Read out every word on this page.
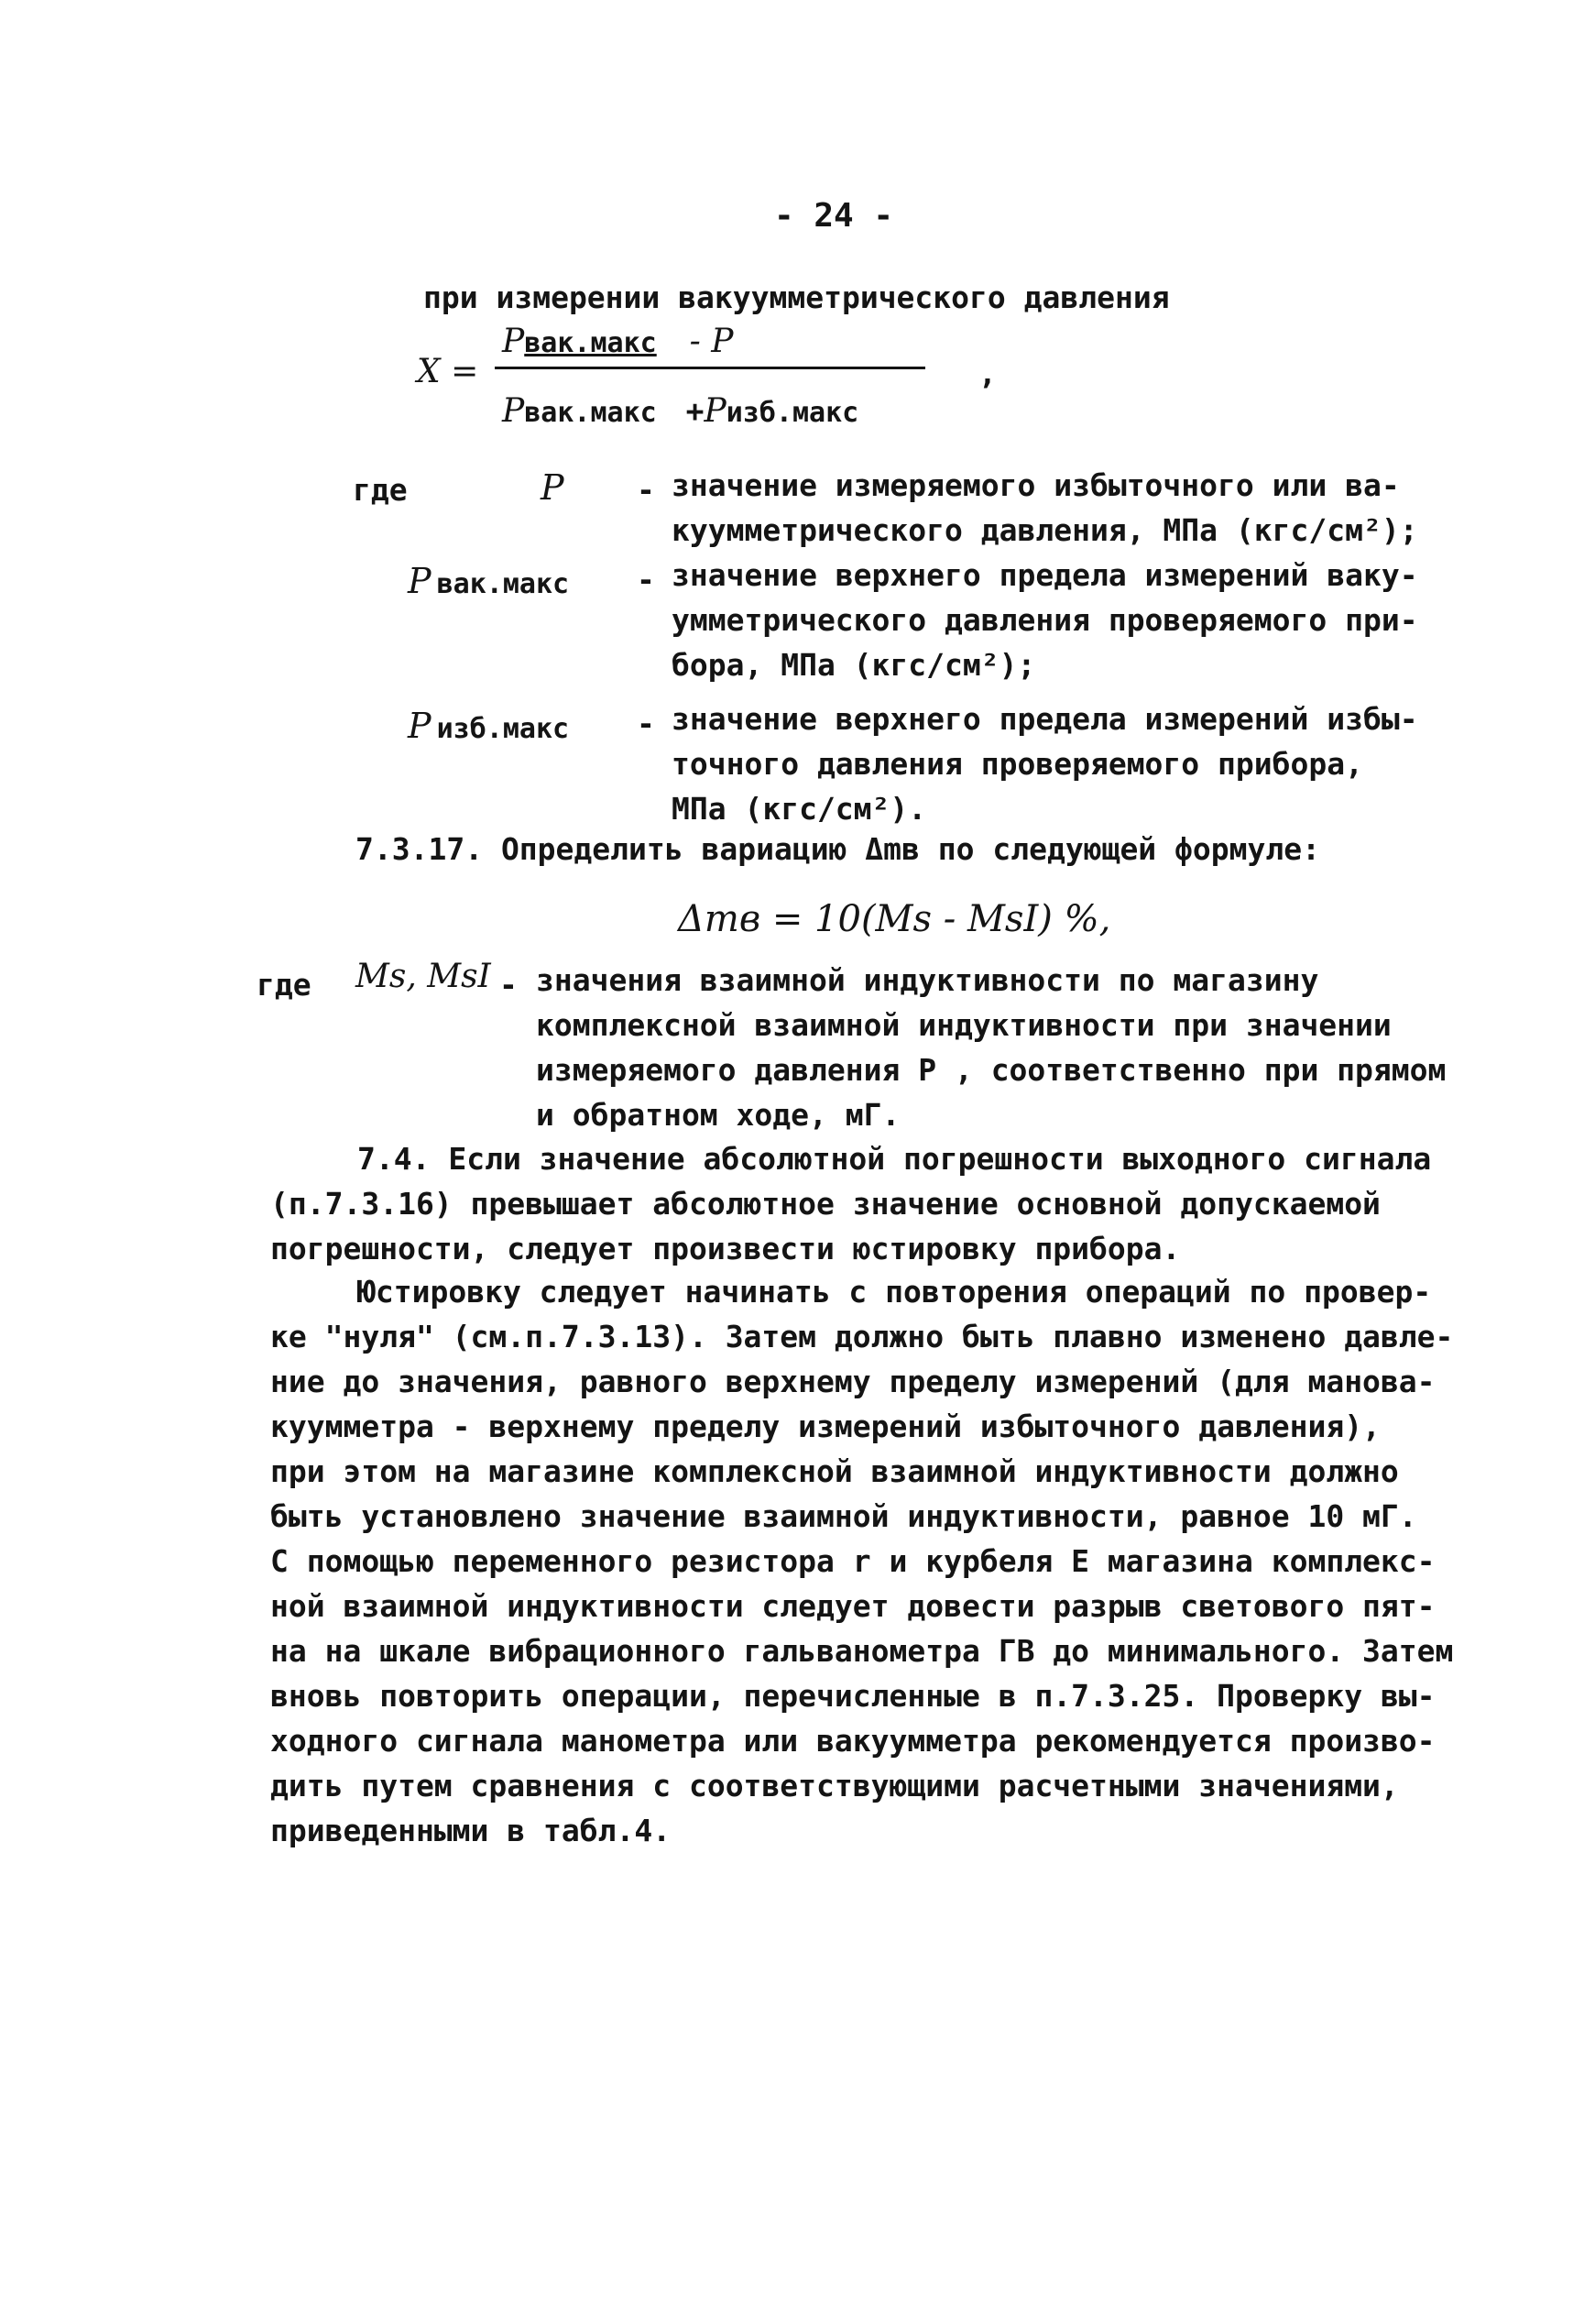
- 24 -
при измерении вакуумметрического давления
X =
Pвак.макс - P
Pвак.макс +Pизб.макс
,
где	P - значение измеряемого избыточного или ва-
куумметрического давления, МПа (кгс/см²);
P вак.макс - значение верхнего предела измерений ваку-
умметрического давления проверяемого при-
бора, МПа (кгс/см²);
P изб.макс - значение верхнего предела измерений избы-
точного давления проверяемого прибора,
МПа (кгс/см²).
7.3.17. Определить вариацию Δmв по следующей формуле:
Δmв = 10(Ms - MsI) %,
где Ms, MsI - значения взаимной индуктивности по магазину
комплексной взаимной индуктивности при значении
измеряемого давления P , соответственно при прямом
и обратном ходе, мГ.
7.4. Если значение абсолютной погрешности выходного сигнала
(п.7.3.16) превышает абсолютное значение основной допускаемой
погрешности, следует произвести юстировку прибора.
Юстировку следует начинать с повторения операций по провер-
ке "нуля" (см.п.7.3.13). Затем должно быть плавно изменено давле-
ние до значения, равного верхнему пределу измерений (для манова-
куумметра - верхнему пределу измерений избыточного давления),
при этом на магазине комплексной взаимной индуктивности должно
быть установлено значение взаимной индуктивности, равное 10 мГ.
С помощью переменного резистора r и курбеля E магазина комплекс-
ной взаимной индуктивности следует довести разрыв светового пят-
на на шкале вибрационного гальванометра ГВ до минимального. Затем
вновь повторить операции, перечисленные в п.7.3.25. Проверку вы-
ходного сигнала манометра или вакуумметра рекомендуется произво-
дить путем сравнения с соответствующими расчетными значениями,
приведенными в табл.4.
